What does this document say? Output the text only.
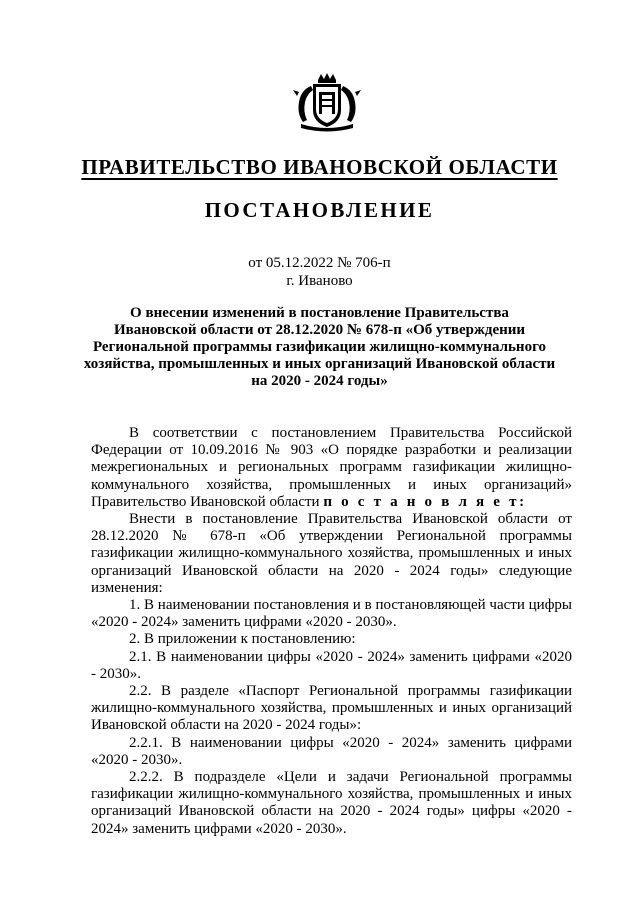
ПРАВИТЕЛЬСТВО ИВАНОВСКОЙ ОБЛАСТИ
ПОСТАНОВЛЕНИЕ
от 05.12.2022 № 706-п
г. Иваново
О внесении изменений в постановление Правительства
Ивановской области от 28.12.2020 № 678-п «Об утверждении
Региональной программы газификации жилищно-коммунального
хозяйства, промышленных и иных организаций Ивановской области
на 2020 - 2024 годы»

В соответствии с постановлением Правительства Российской Федерации от 10.09.2016 № 903 «О порядке разработки и реализации межрегиональных и региональных программ газификации жилищно-коммунального хозяйства, промышленных и иных организаций» Правительство Ивановской области п о с т а н о в л я е т:

Внести в постановление Правительства Ивановской области от 28.12.2020 № 678-п «Об утверждении Региональной программы газификации жилищно-коммунального хозяйства, промышленных и иных организаций Ивановской области на 2020 - 2024 годы» следующие изменения:

1. В наименовании постановления и в постановляющей части цифры «2020 - 2024» заменить цифрами «2020 - 2030».

2. В приложении к постановлению:

2.1. В наименовании цифры «2020 - 2024» заменить цифрами «2020 - 2030».

2.2. В разделе «Паспорт Региональной программы газификации жилищно-коммунального хозяйства, промышленных и иных организаций Ивановской области на 2020 - 2024 годы»:

2.2.1. В наименовании цифры «2020 - 2024» заменить цифрами «2020 - 2030».

2.2.2. В подразделе «Цели и задачи Региональной программы газификации жилищно-коммунального хозяйства, промышленных и иных организаций Ивановской области на 2020 - 2024 годы» цифры «2020 - 2024» заменить цифрами «2020 - 2030».
